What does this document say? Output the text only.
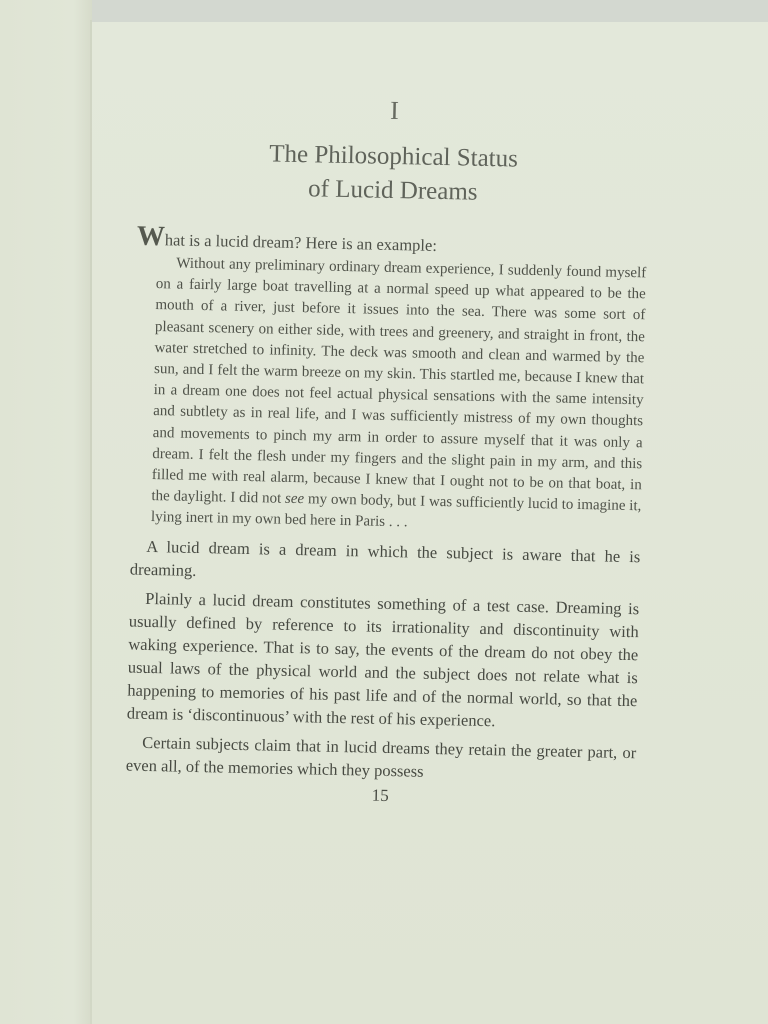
I
The Philosophical Status
of Lucid Dreams
What is a lucid dream? Here is an example:

Without any preliminary ordinary dream experience, I suddenly found myself on a fairly large boat travelling at a normal speed up what appeared to be the mouth of a river, just before it issues into the sea. There was some sort of pleasant scenery on either side, with trees and greenery, and straight in front, the water stretched to infinity. The deck was smooth and clean and warmed by the sun, and I felt the warm breeze on my skin. This startled me, because I knew that in a dream one does not feel actual physical sensations with the same intensity and subtlety as in real life, and I was sufficiently mistress of my own thoughts and movements to pinch my arm in order to assure myself that it was only a dream. I felt the flesh under my fingers and the slight pain in my arm, and this filled me with real alarm, because I knew that I ought not to be on that boat, in the daylight. I did not see my own body, but I was sufficiently lucid to imagine it, lying inert in my own bed here in Paris . . .

A lucid dream is a dream in which the subject is aware that he is dreaming.

Plainly a lucid dream constitutes something of a test case. Dreaming is usually defined by reference to its irrationality and discontinuity with waking experience. That is to say, the events of the dream do not obey the usual laws of the physical world and the subject does not relate what is happening to memories of his past life and of the normal world, so that the dream is ‘discontinuous’ with the rest of his experience.

Certain subjects claim that in lucid dreams they retain the greater part, or even all, of the memories which they possess

15
